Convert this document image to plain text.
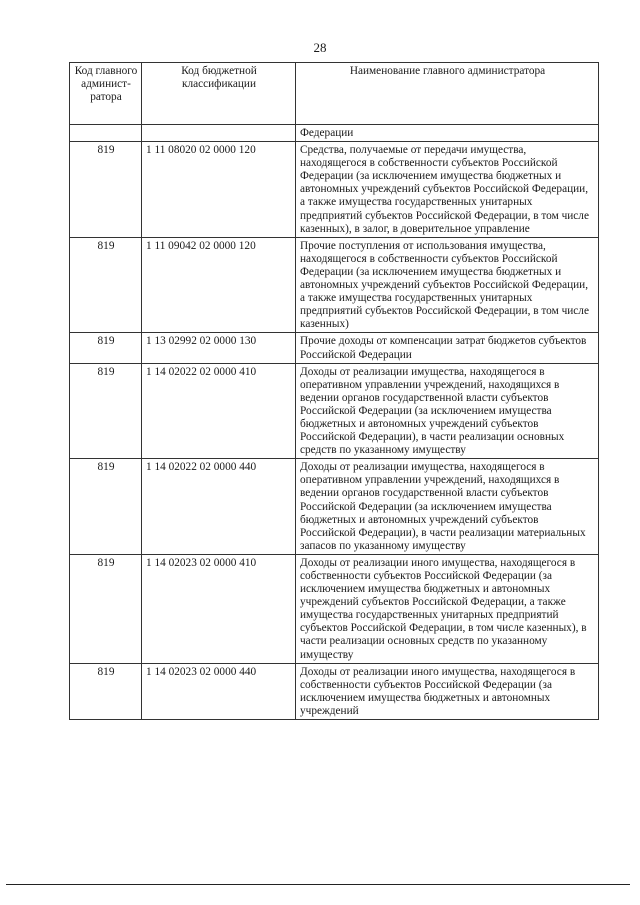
28
Код главного админист-ратора	Код бюджетной классификации	Наименование главного администратора
		Федерации
819	1 11 08020 02 0000 120	Средства, получаемые от передачи имущества, находящегося в собственности субъектов Российской Федерации (за исключением имущества бюджетных и автономных учреждений субъектов Российской Федерации, а также имущества государственных унитарных предприятий субъектов Российской Федерации, в том числе казенных), в залог, в доверительное управление
819	1 11 09042 02 0000 120	Прочие поступления от использования имущества, находящегося в собственности субъектов Российской Федерации (за исключением имущества бюджетных и автономных учреждений субъектов Российской Федерации, а также имущества государственных унитарных предприятий субъектов Российской Федерации, в том числе казенных)
819	1 13 02992 02 0000 130	Прочие доходы от компенсации затрат бюджетов субъектов Российской Федерации
819	1 14 02022 02 0000 410	Доходы от реализации имущества, находящегося в оперативном управлении учреждений, находящихся в ведении органов государственной власти субъектов Российской Федерации (за исключением имущества бюджетных и автономных учреждений субъектов Российской Федерации), в части реализации основных средств по указанному имуществу
819	1 14 02022 02 0000 440	Доходы от реализации имущества, находящегося в оперативном управлении учреждений, находящихся в ведении органов государственной власти субъектов Российской Федерации (за исключением имущества бюджетных и автономных учреждений субъектов Российской Федерации), в части реализации материальных запасов по указанному имуществу
819	1 14 02023 02 0000 410	Доходы от реализации иного имущества, находящегося в собственности субъектов Российской Федерации (за исключением имущества бюджетных и автономных учреждений субъектов Российской Федерации, а также имущества государственных унитарных предприятий субъектов Российской Федерации, в том числе казенных), в части реализации основных средств по указанному имуществу
819	1 14 02023 02 0000 440	Доходы от реализации иного имущества, находящегося в собственности субъектов Российской Федерации (за исключением имущества бюджетных и автономных учреждений
